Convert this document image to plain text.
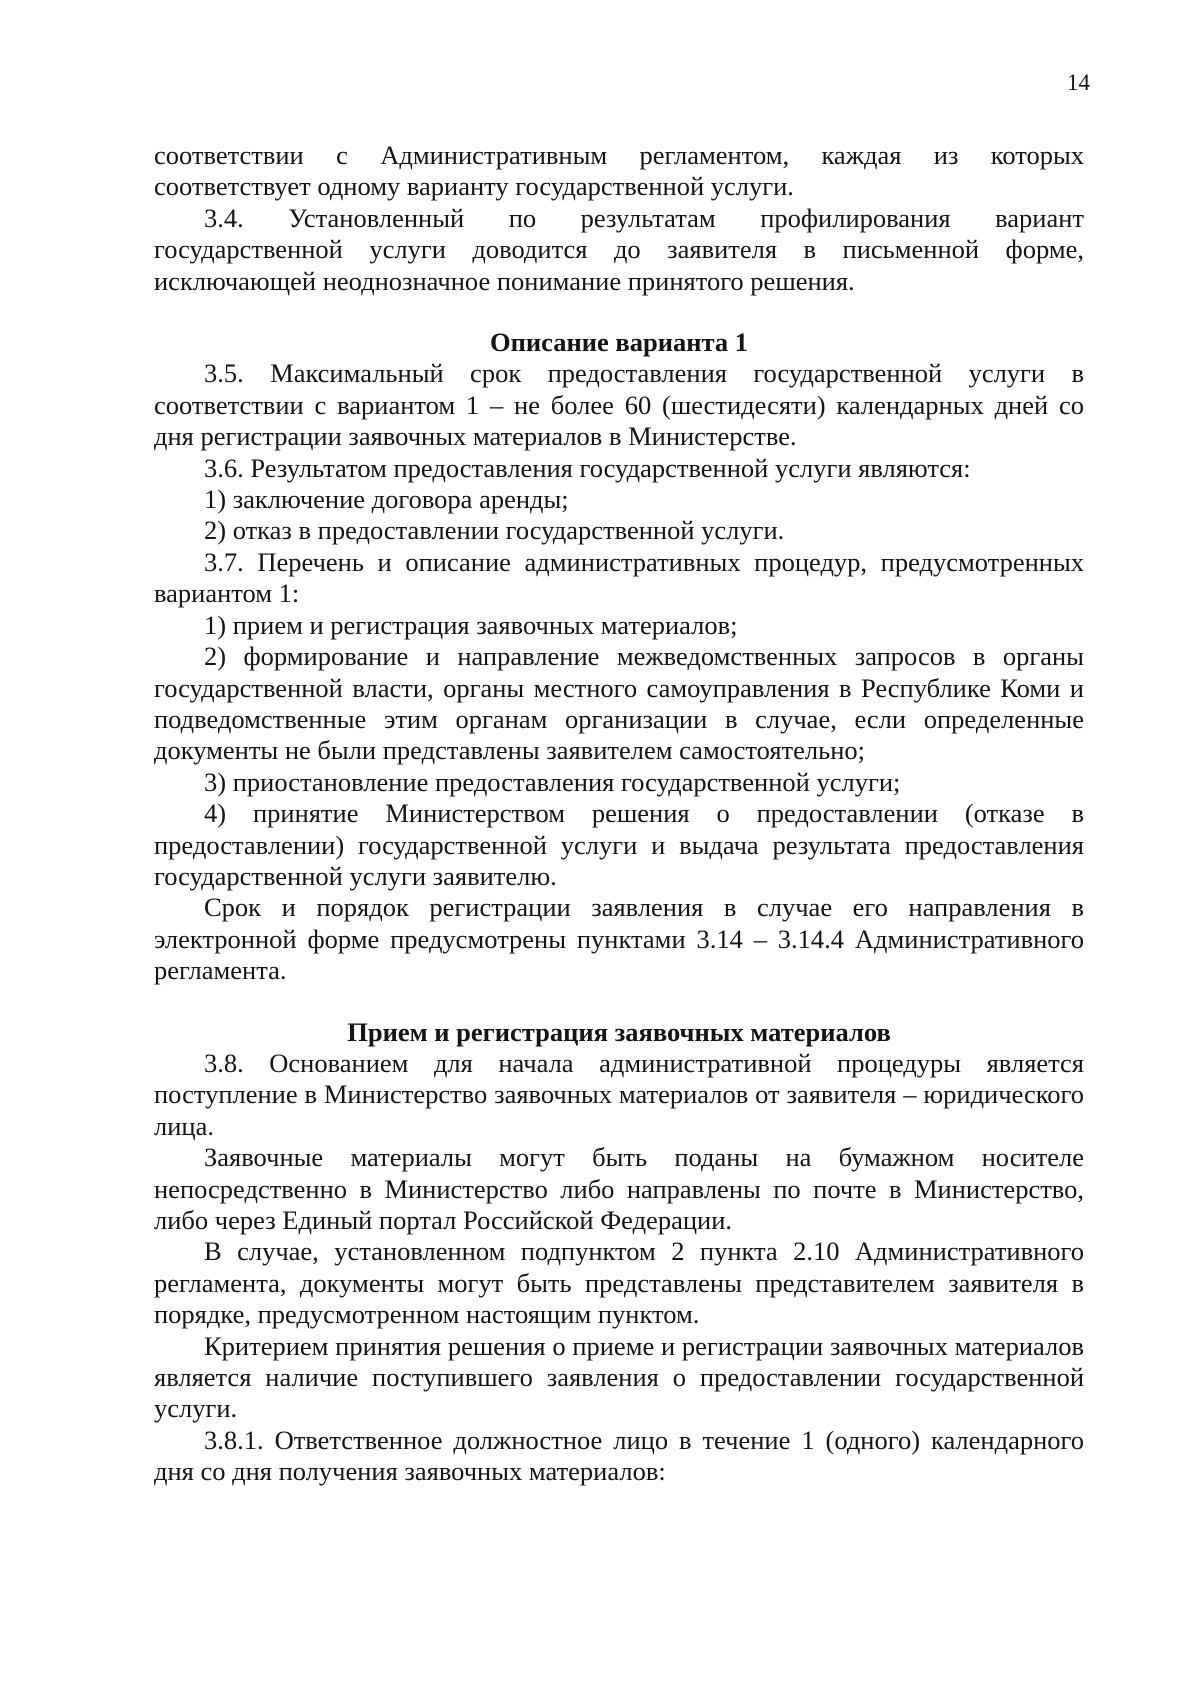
14

соответствии с Административным регламентом, каждая из которых соответствует одному варианту государственной услуги.

3.4. Установленный по результатам профилирования вариант государственной услуги доводится до заявителя в письменной форме, исключающей неоднозначное понимание принятого решения.

Описание варианта 1

3.5. Максимальный срок предоставления государственной услуги в соответствии с вариантом 1 – не более 60 (шестидесяти) календарных дней со дня регистрации заявочных материалов в Министерстве.

3.6. Результатом предоставления государственной услуги являются:

1) заключение договора аренды;

2) отказ в предоставлении государственной услуги.

3.7. Перечень и описание административных процедур, предусмотренных вариантом 1:

1) прием и регистрация заявочных материалов;

2) формирование и направление межведомственных запросов в органы государственной власти, органы местного самоуправления в Республике Коми и подведомственные этим органам организации в случае, если определенные документы не были представлены заявителем самостоятельно;

3) приостановление предоставления государственной услуги;

4) принятие Министерством решения о предоставлении (отказе в предоставлении) государственной услуги и выдача результата предоставления государственной услуги заявителю.

Срок и порядок регистрации заявления в случае его направления в электронной форме предусмотрены пунктами 3.14 – 3.14.4 Административного регламента.

Прием и регистрация заявочных материалов

3.8. Основанием для начала административной процедуры является поступление в Министерство заявочных материалов от заявителя – юридического лица.

Заявочные материалы могут быть поданы на бумажном носителе непосредственно в Министерство либо направлены по почте в Министерство, либо через Единый портал Российской Федерации.

В случае, установленном подпунктом 2 пункта 2.10 Административного регламента, документы могут быть представлены представителем заявителя в порядке, предусмотренном настоящим пунктом.

Критерием принятия решения о приеме и регистрации заявочных материалов является наличие поступившего заявления о предоставлении государственной услуги.

3.8.1. Ответственное должностное лицо в течение 1 (одного) календарного дня со дня получения заявочных материалов:
